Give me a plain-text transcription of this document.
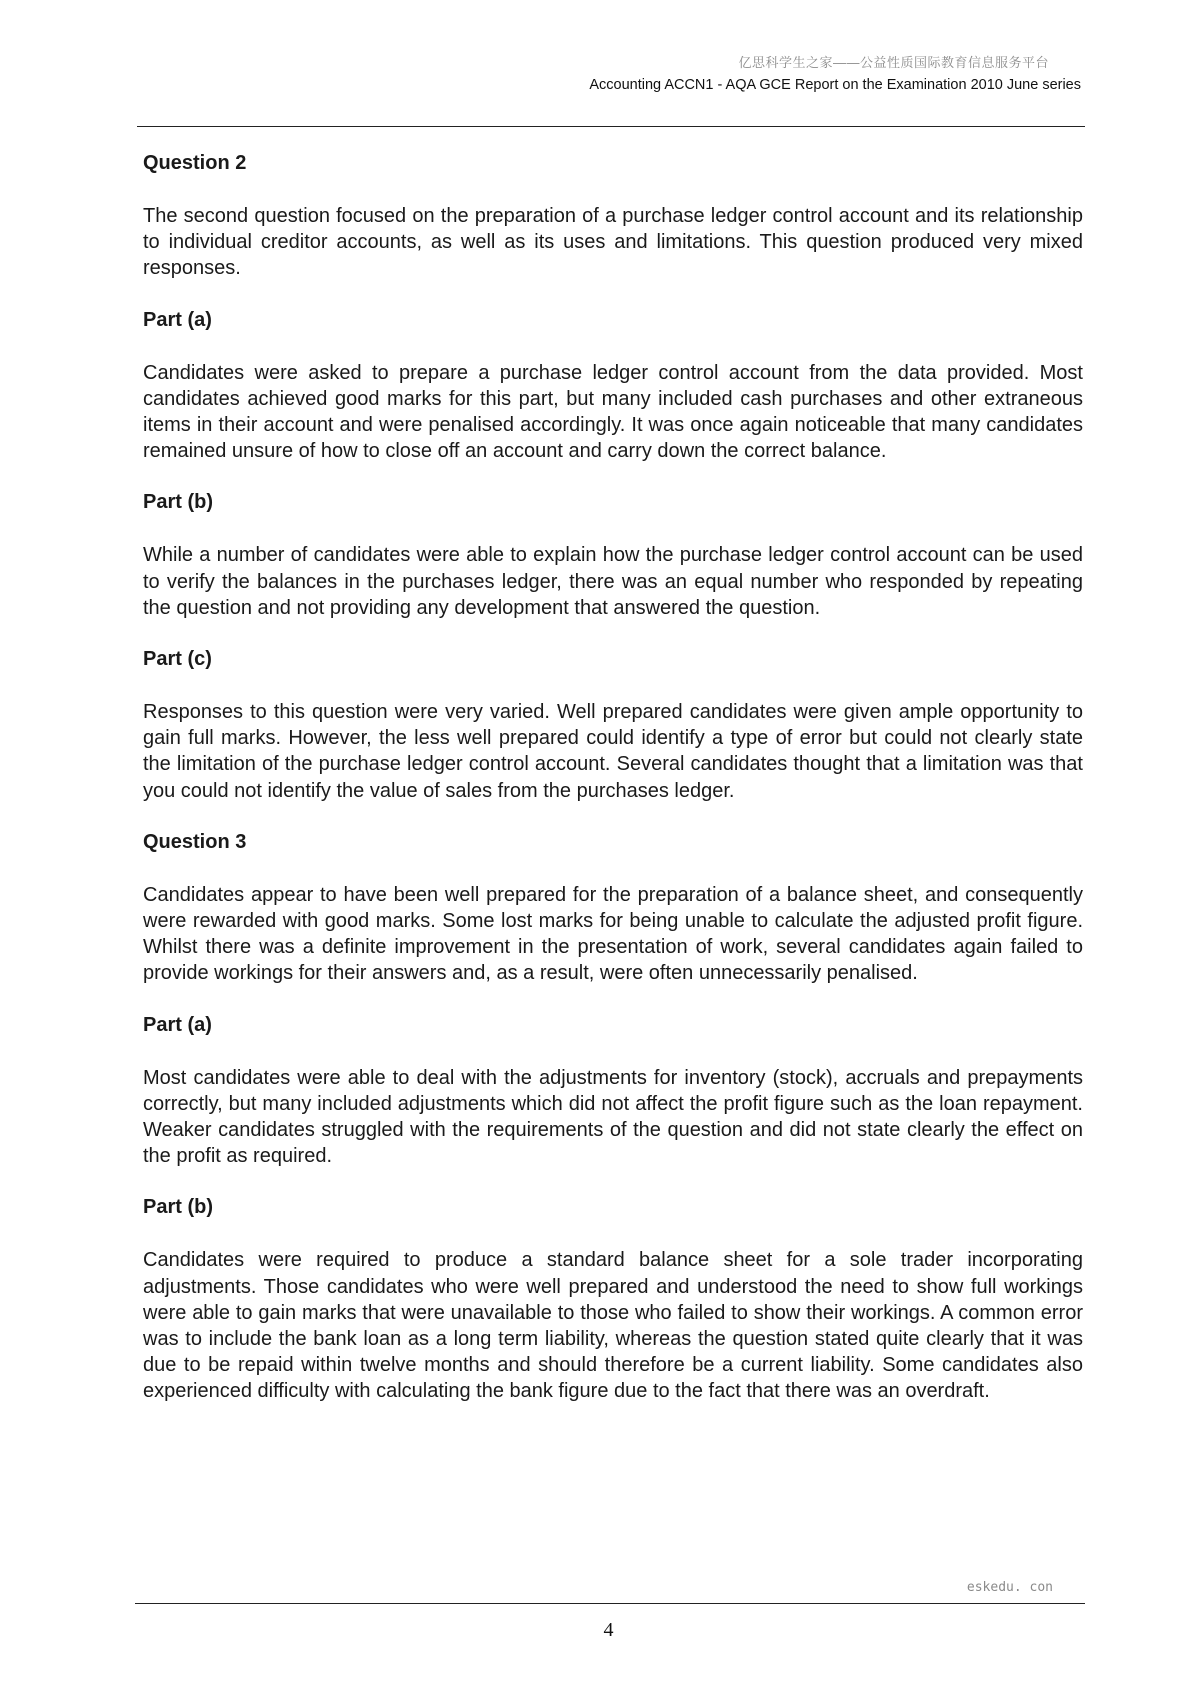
亿思科学生之家——公益性质国际教育信息服务平台
Accounting ACCN1 - AQA GCE Report on the Examination 2010 June series
Question 2

The second question focused on the preparation of a purchase ledger control account and its relationship to individual creditor accounts, as well as its uses and limitations. This question produced very mixed responses.

Part (a)

Candidates were asked to prepare a purchase ledger control account from the data provided. Most candidates achieved good marks for this part, but many included cash purchases and other extraneous items in their account and were penalised accordingly. It was once again noticeable that many candidates remained unsure of how to close off an account and carry down the correct balance.

Part (b)

While a number of candidates were able to explain how the purchase ledger control account can be used to verify the balances in the purchases ledger, there was an equal number who responded by repeating the question and not providing any development that answered the question.

Part (c)

Responses to this question were very varied. Well prepared candidates were given ample opportunity to gain full marks. However, the less well prepared could identify a type of error but could not clearly state the limitation of the purchase ledger control account. Several candidates thought that a limitation was that you could not identify the value of sales from the purchases ledger.

Question 3

Candidates appear to have been well prepared for the preparation of a balance sheet, and consequently were rewarded with good marks. Some lost marks for being unable to calculate the adjusted profit figure. Whilst there was a definite improvement in the presentation of work, several candidates again failed to provide workings for their answers and, as a result, were often unnecessarily penalised.

Part (a)

Most candidates were able to deal with the adjustments for inventory (stock), accruals and prepayments correctly, but many included adjustments which did not affect the profit figure such as the loan repayment. Weaker candidates struggled with the requirements of the question and did not state clearly the effect on the profit as required.

Part (b)

Candidates were required to produce a standard balance sheet for a sole trader incorporating adjustments. Those candidates who were well prepared and understood the need to show full workings were able to gain marks that were unavailable to those who failed to show their workings. A common error was to include the bank loan as a long term liability, whereas the question stated quite clearly that it was due to be repaid within twelve months and should therefore be a current liability. Some candidates also experienced difficulty with calculating the bank figure due to the fact that there was an overdraft.

eskedu. con
4
